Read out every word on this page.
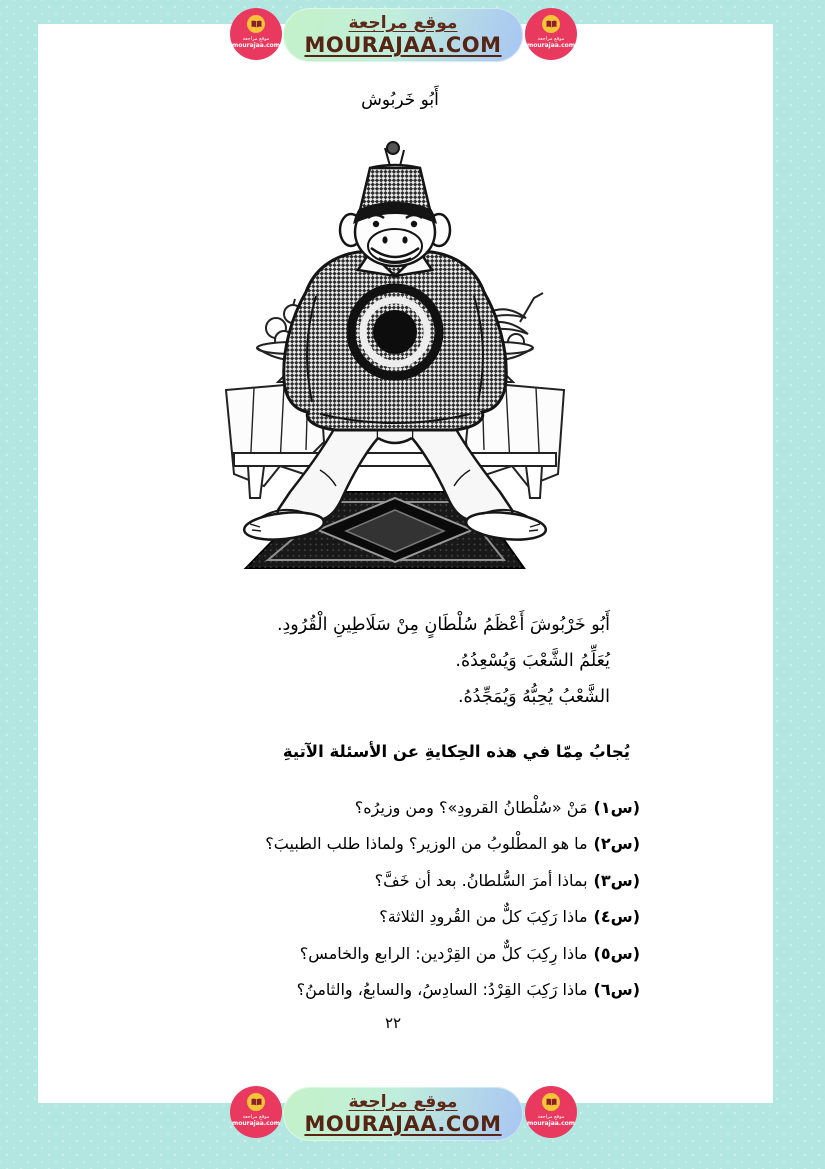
موقع مراجعة
MOURAJAA.COM
موقع مراجعة
mourajaa.com
موقع مراجعة
mourajaa.com
أَبُو خَربُوش
أَبُو خَرْبُوشَ أَعْظَمُ سُلْطَانٍ مِنْ سَلَاطِينِ الْقُرُودِ.
يُعَلِّمُ الشَّعْبَ وَيُسْعِدُهُ.
الشَّعْبُ يُحِبُّهُ وَيُمَجِّدُهُ.
يُجابُ مِمّا في هذه الحِكايةِ عن الأسئلة الآتيةِ
(س١)مَنْ «سُلْطانُ القرودِ»؟ ومن وزيرُه؟
(س٢)ما هو المطْلوبُ من الوزير؟ ولماذا طلب الطبيبَ؟
(س٣)بماذا أمرَ السُّلطانُ. بعد أن خَفَّ؟
(س٤)ماذا رَكِبَ كلٌّ من القُرودِ الثلاثة؟
(س٥)ماذا رِكِبَ كلٌّ من القِرْدين: الرابع والخامس؟
(س٦)ماذا رَكِبَ القِرْدُ: السادِسُ، والسابعُ، والثامنُ؟
٢٢
موقع مراجعة
MOURAJAA.COM
موقع مراجعة
mourajaa.com
موقع مراجعة
mourajaa.com
